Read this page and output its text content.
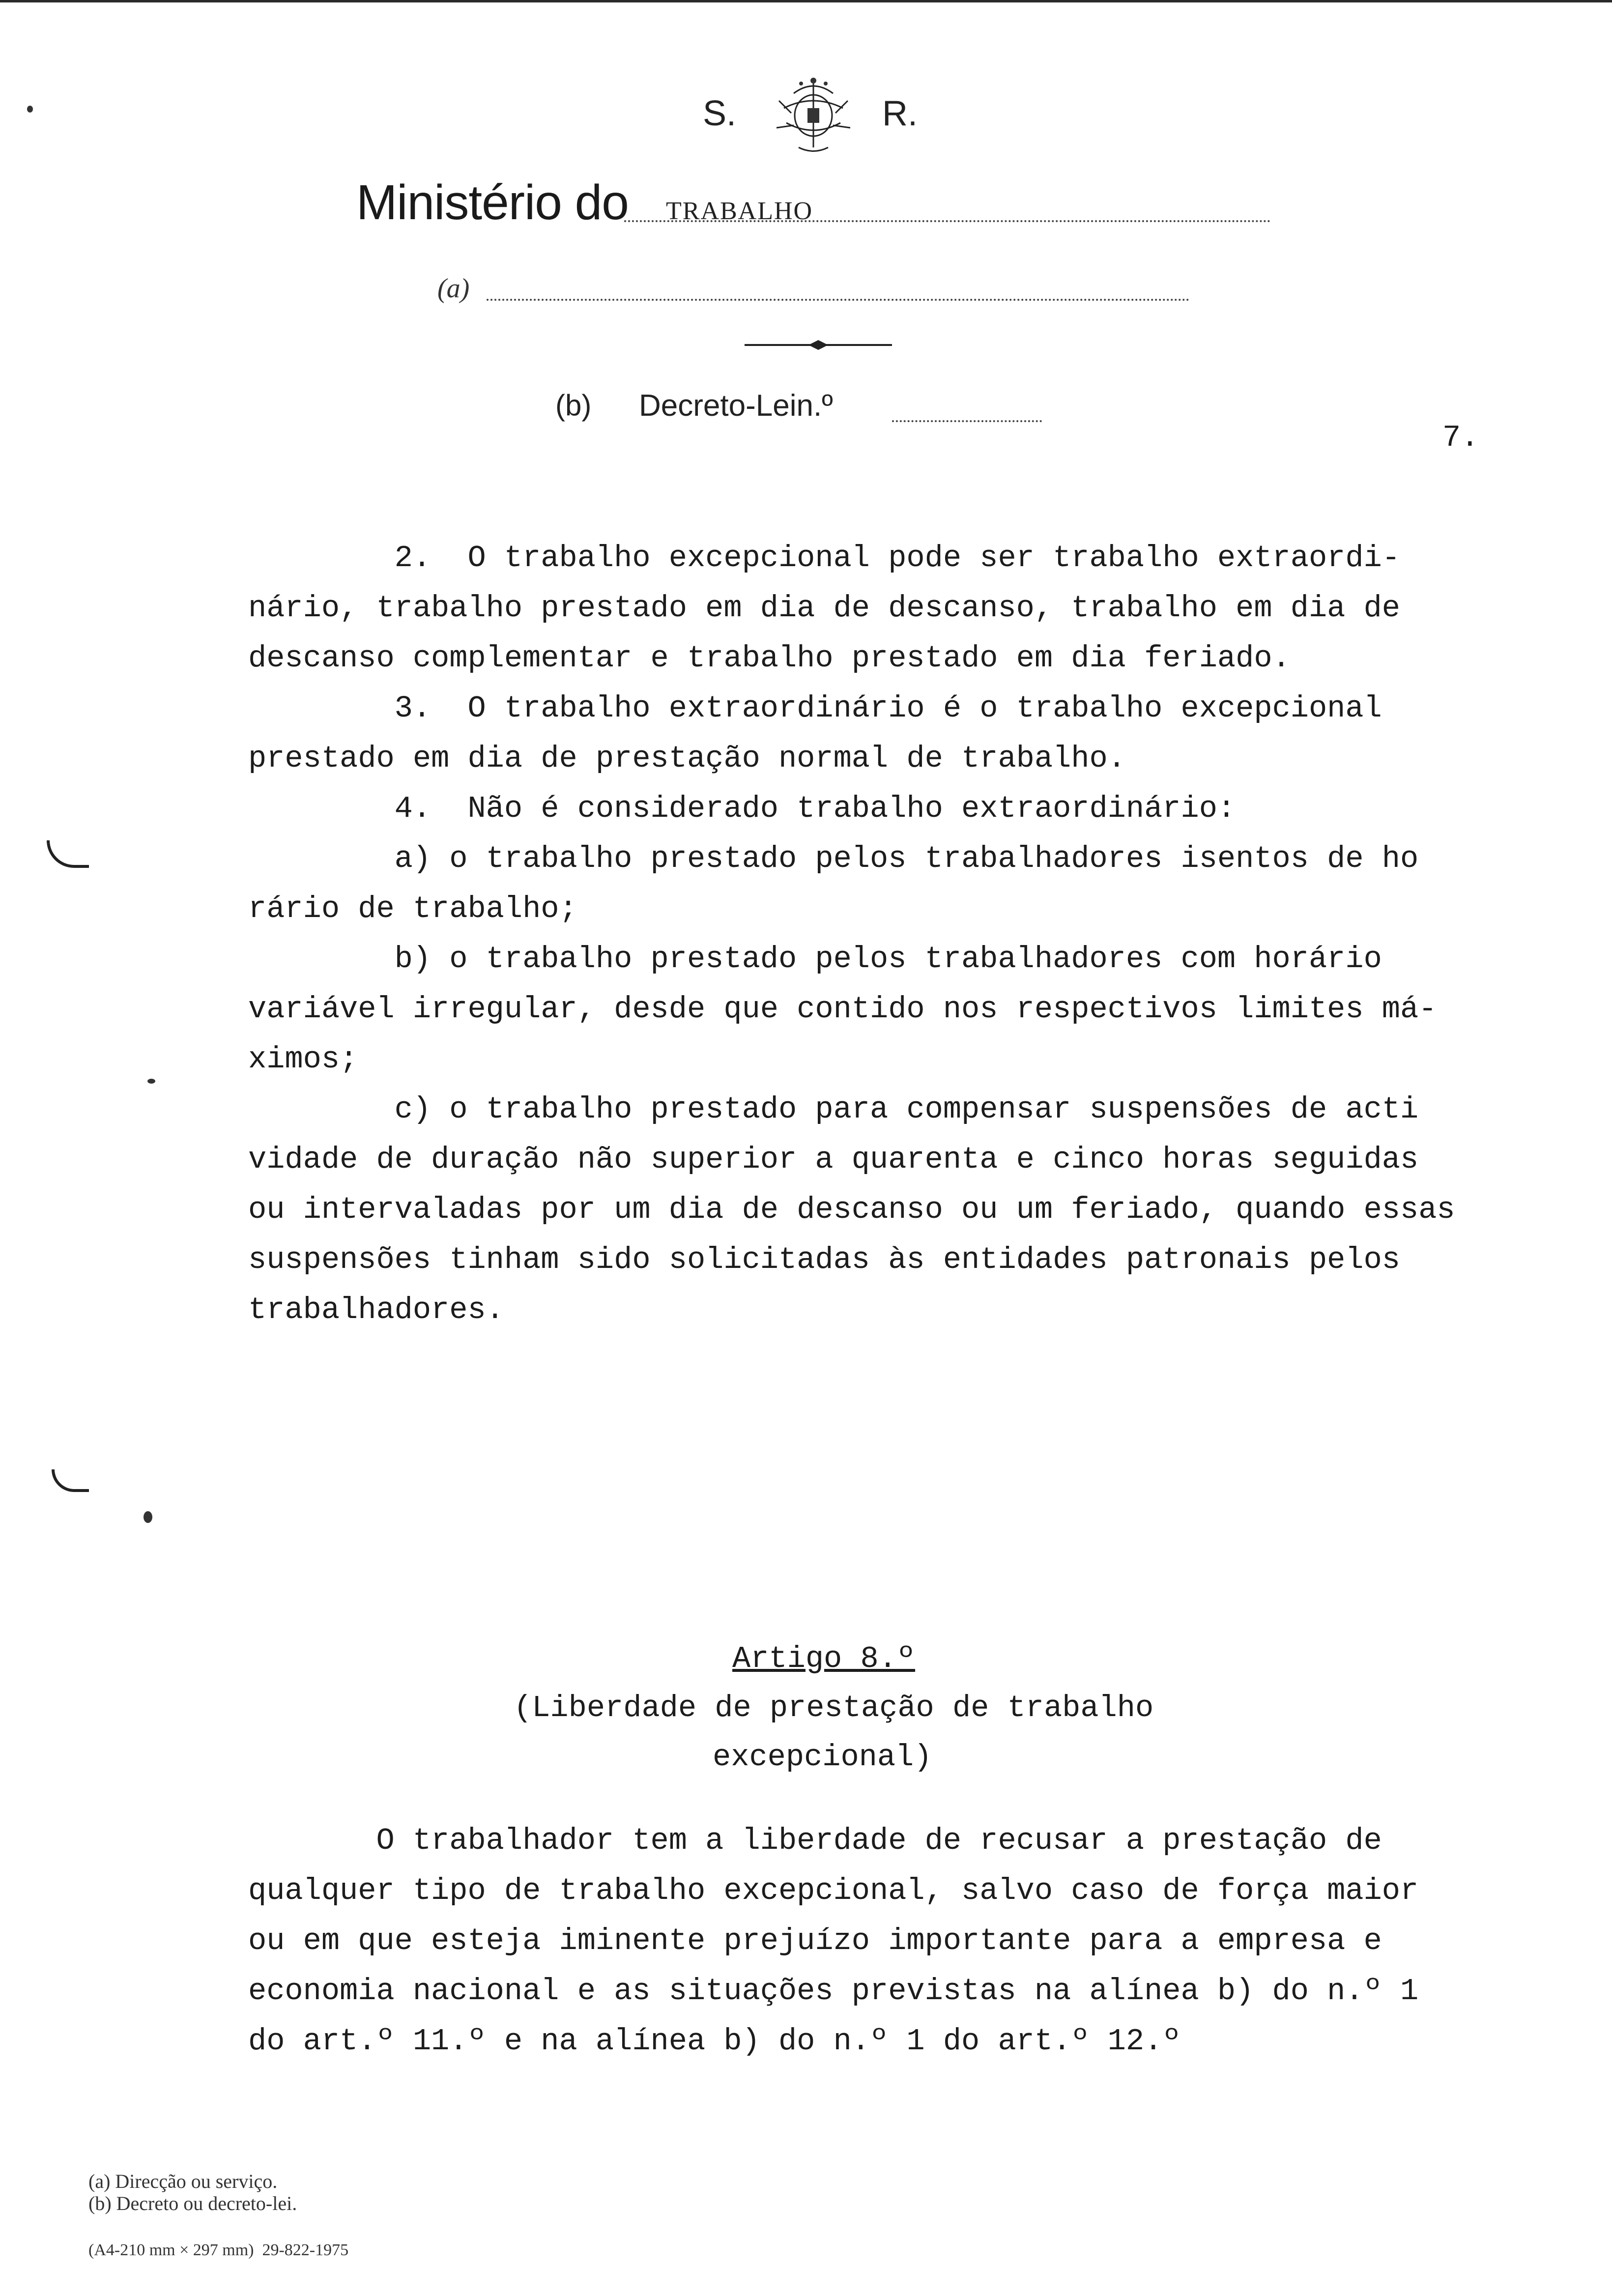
S.	R.
Ministério do TRABALHO
(a)
(b) Decreto-Lein.º
7.
2.  O trabalho excepcional pode ser trabalho extraordi-
nário, trabalho prestado em dia de descanso, trabalho em dia de
descanso complementar e trabalho prestado em dia feriado.
3.  O trabalho extraordinário é o trabalho excepcional
prestado em dia de prestação normal de trabalho.
4.  Não é considerado trabalho extraordinário:
a) o trabalho prestado pelos trabalhadores isentos de ho
rário de trabalho;
b) o trabalho prestado pelos trabalhadores com horário
variável irregular, desde que contido nos respectivos limites má-
ximos;
c) o trabalho prestado para compensar suspensões de acti
vidade de duração não superior a quarenta e cinco horas seguidas
ou intervaladas por um dia de descanso ou um feriado, quando essas
suspensões tinham sido solicitadas às entidades patronais pelos
trabalhadores.
Artigo 8.º
(Liberdade de prestação de trabalho
excepcional)
O trabalhador tem a liberdade de recusar a prestação de
qualquer tipo de trabalho excepcional, salvo caso de força maior
ou em que esteja iminente prejuízo importante para a empresa e
economia nacional e as situações previstas na alínea b) do n.º 1
do art.º 11.º e na alínea b) do n.º 1 do art.º 12.º
(a) Direcção ou serviço.
(b) Decreto ou decreto-lei.
(A4-210 mm × 297 mm)  29-822-1975
